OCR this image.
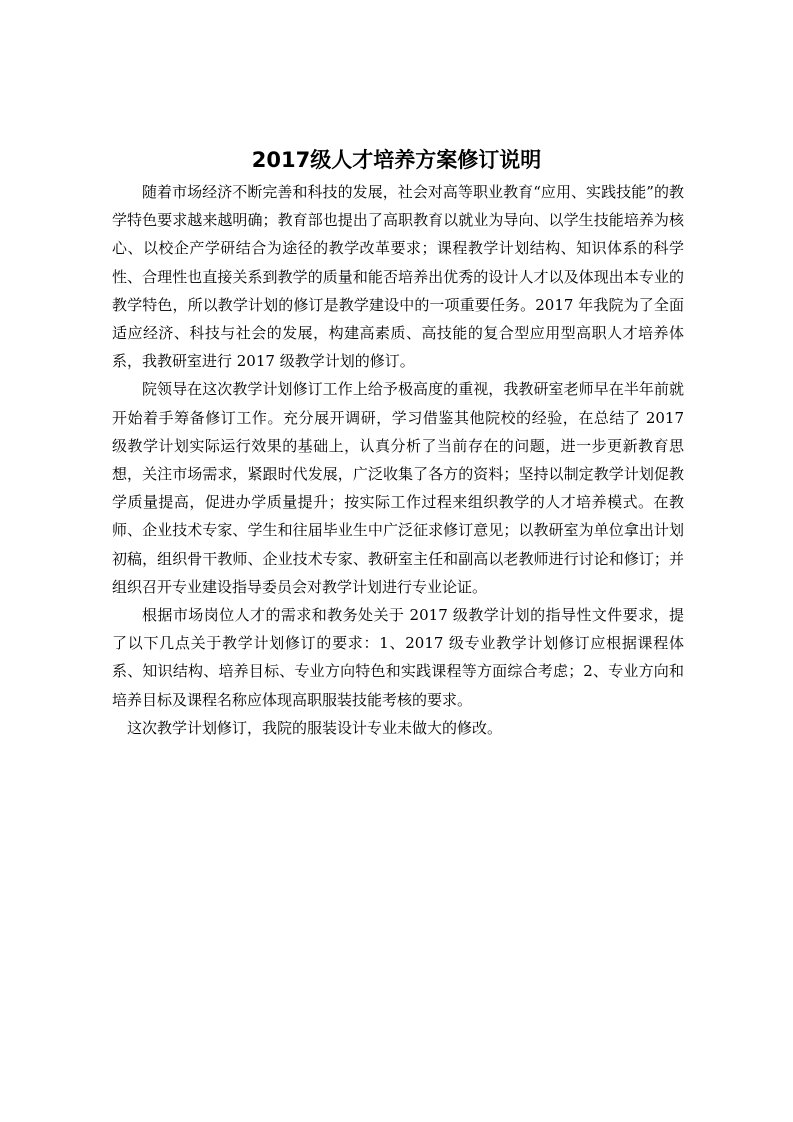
2017级人才培养方案修订说明

随着市场经济不断完善和科技的发展，社会对高等职业教育“应用、实践技能”的教学特色要求越来越明确；教育部也提出了高职教育以就业为导向、以学生技能培养为核心、以校企产学研结合为途径的教学改革要求；课程教学计划结构、知识体系的科学性、合理性也直接关系到教学的质量和能否培养出优秀的设计人才以及体现出本专业的教学特色，所以教学计划的修订是教学建设中的一项重要任务。2017 年我院为了全面适应经济、科技与社会的发展，构建高素质、高技能的复合型应用型高职人才培养体系，我教研室进行 2017 级教学计划的修订。

院领导在这次教学计划修订工作上给予极高度的重视，我教研室老师早在半年前就开始着手筹备修订工作。充分展开调研，学习借鉴其他院校的经验，在总结了 2017 级教学计划实际运行效果的基础上，认真分析了当前存在的问题，进一步更新教育思想，关注市场需求，紧跟时代发展，广泛收集了各方的资料；坚持以制定教学计划促教学质量提高，促进办学质量提升；按实际工作过程来组织教学的人才培养模式。在教师、企业技术专家、学生和往届毕业生中广泛征求修订意见；以教研室为单位拿出计划初稿，组织骨干教师、企业技术专家、教研室主任和副高以老教师进行讨论和修订；并组织召开专业建设指导委员会对教学计划进行专业论证。

根据市场岗位人才的需求和教务处关于 2017 级教学计划的指导性文件要求，提了以下几点关于教学计划修订的要求：1、2017 级专业教学计划修订应根据课程体系、知识结构、培养目标、专业方向特色和实践课程等方面综合考虑；2、专业方向和培养目标及课程名称应体现高职服装技能考核的要求。

这次教学计划修订，我院的服装设计专业未做大的修改。
